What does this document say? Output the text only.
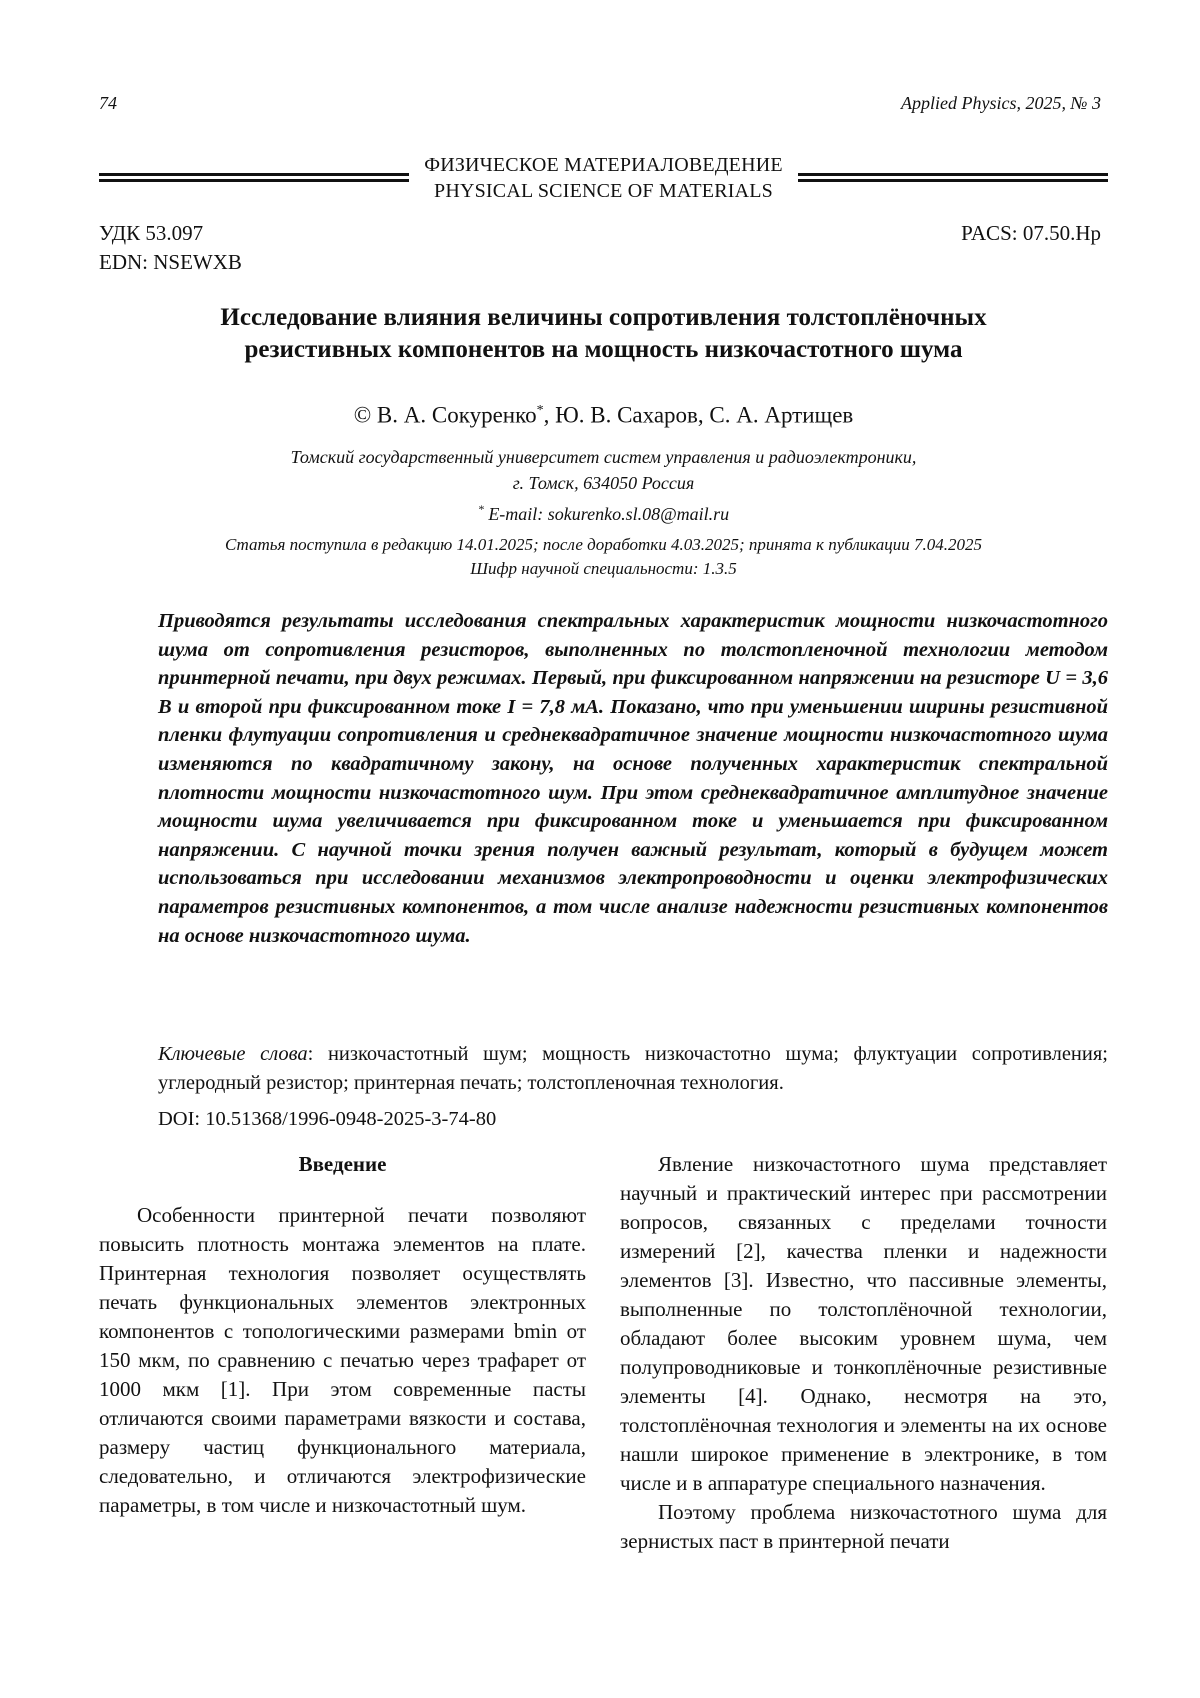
74	Applied Physics, 2025, № 3
ФИЗИЧЕСКОЕ МАТЕРИАЛОВЕДЕНИЕ
PHYSICAL SCIENCE OF MATERIALS
УДК 53.097
EDN: NSEWXB
PACS: 07.50.Hp
Исследование влияния величины сопротивления толстоплёночных
резистивных компонентов на мощность низкочастотного шума
© В. А. Сокуренко*, Ю. В. Сахаров, С. А. Артищев
Томский государственный университет систем управления и радиоэлектроники,
г. Томск, 634050 Россия
* E-mail: sokurenko.sl.08@mail.ru
Статья поступила в редакцию 14.01.2025; после доработки 4.03.2025; принята к публикации 7.04.2025
Шифр научной специальности: 1.3.5
Приводятся результаты исследования спектральных характеристик мощности низкочастотного шума от сопротивления резисторов, выполненных по толстопленочной технологии методом принтерной печати, при двух режимах. Первый, при фиксированном напряжении на резисторе U = 3,6 В и второй при фиксированном токе I = 7,8 мА. Показано, что при уменьшении ширины резистивной пленки флутуации сопротивления и среднеквадратичное значение мощности низкочастотного шума изменяются по квадратичному закону, на основе полученных характеристик спектральной плотности мощности низкочастотного шум. При этом среднеквадратичное амплитудное значение мощности шума увеличивается при фиксированном токе и уменьшается при фиксированном напряжении. С научной точки зрения получен важный результат, который в будущем может использоваться при исследовании механизмов электропроводности и оценки электрофизических параметров резистивных компонентов, а том числе анализе надежности резистивных компонентов на основе низкочастотного шума.
Ключевые слова: низкочастотный шум; мощность низкочастотно шума; флуктуации сопротивления; углеродный резистор; принтерная печать; толстопленочная технология.
DOI: 10.51368/1996-0948-2025-3-74-80
Введение

Особенности принтерной печати позволяют повысить плотность монтажа элементов на плате. Принтерная технология позволяет осуществлять печать функциональных элементов электронных компонентов с топологическими размерами bmin от 150 мкм, по сравнению с печатью через трафарет от 1000 мкм [1]. При этом современные пасты отличаются своими параметрами вязкости и состава, размеру частиц функционального материала, следовательно, и отличаются электрофизические параметры, в том числе и низкочастотный шум.

Явление низкочастотного шума представляет научный и практический интерес при рассмотрении вопросов, связанных с пределами точности измерений [2], качества пленки и надежности элементов [3]. Известно, что пассивные элементы, выполненные по толстоплёночной технологии, обладают более высоким уровнем шума, чем полупроводниковые и тонкоплёночные резистивные элементы [4]. Однако, несмотря на это, толстоплёночная технология и элементы на их основе нашли широкое применение в электронике, в том числе и в аппаратуре специального назначения.

Поэтому проблема низкочастотного шума для зернистых паст в принтерной печати
